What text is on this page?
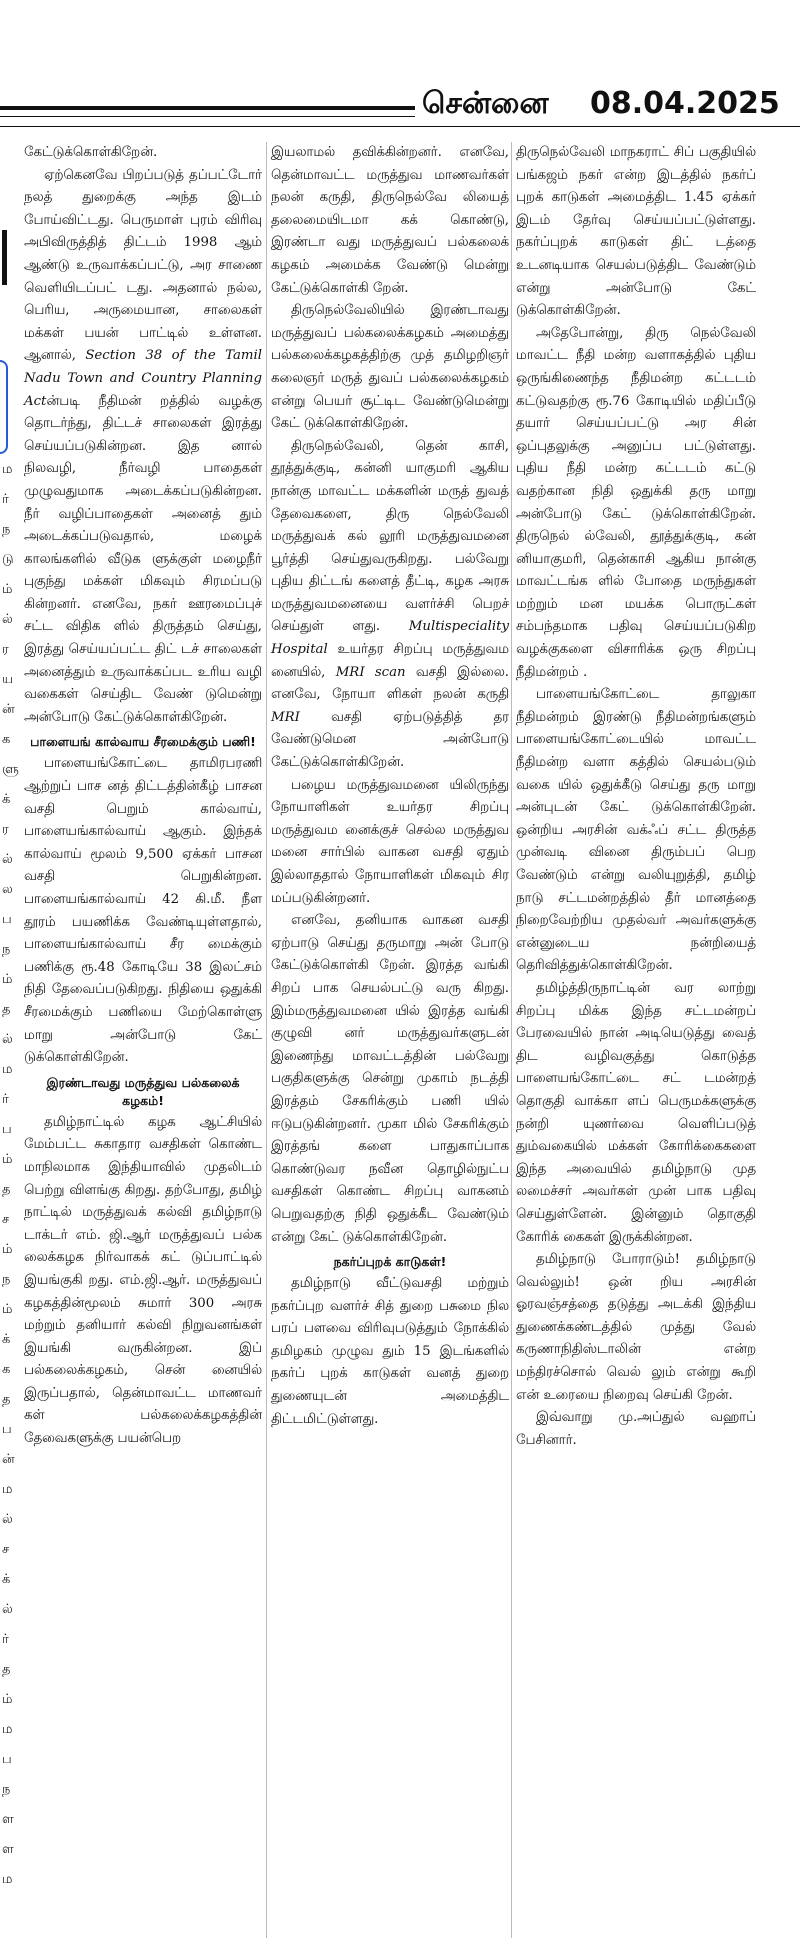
சென்னை 08.04.2025
ம
ர்
ந
டு
ம்
ல்
ர
ய
ன்
க
ளு
க்
ர
ல்
ல
ப
ந
ம்
த
ல்
ம
ர்
ப
ம்
த
ச
ம்
ந
ம்
க்
க
த
ப
ன்
ம
ல்
ச
க்
ல்
ர்
த
ம்
ம
ப
ந
ள
ள
ம

கேட்டுக்கொள்கிறேன்.

ஏற்கெனவே பிறப்படுத் தப்பட்டோர் நலத் துறைக்கு அந்த இடம் போய்விட்டது. பெருமாள் புரம் விரிவு அபிவிருத்தித் திட்டம் 1998 ஆம் ஆண்டு உருவாக்கப்பட்டு, அர சாணை வெளியிடப்பட் டது. அதனால் நல்ல, பெரிய, அருமையான, சாலைகள் மக்கள் பயன் பாட்டில் உள்ளன. ஆனால், Section 38 of the Tamil Nadu Town and Country Planning Actன்படி நீதிமன் றத்தில் வழக்கு தொடர்ந்து, திட்டச் சாலைகள் இரத்து செய்யப்படுகின்றன. இத னால் நிலவழி, நீர்வழி பாதைகள் முழுவதுமாக அடைக்கப்படுகின்றன. நீர் வழிப்பாதைகள் அனைத் தும் அடைக்கப்படுவதால், மழைக் காலங்களில் வீடுக ளுக்குள் மழைநீர் புகுந்து மக்கள் மிகவும் சிரமப்படு கின்றனர். எனவே, நகர் ஊரமைப்புச் சட்ட விதிக ளில் திருத்தம் செய்து, இரத்து செய்யப்பட்ட திட் டச் சாலைகள் அனைத்தும் உருவாக்கப்பட உரிய வழி வகைகள் செய்திட வேண் டுமென்று அன்போடு கேட்டுக்கொள்கிறேன்.

பாளையங் கால்வாய சீரமைக்கும் பணி!

பாளையங்கோட்டை தாமிரபரணி ஆற்றுப் பாச னத் திட்டத்தின்கீழ் பாசன வசதி பெறும் கால்வாய், பாளையங்கால்வாய் ஆகும். இந்தக் கால்வாய் மூலம் 9,500 ஏக்கர் பாசன வசதி பெறுகின்றன. பாளையங்கால்வாய் 42 கி.மீ. நீள தூரம் பயணிக்க வேண்டியுள்ளதால், பாளையங்கால்வாய் சீர மைக்கும் பணிக்கு ரூ.48 கோடியே 38 இலட்சம் நிதி தேவைப்படுகிறது. நிதியை ஒதுக்கி சீரமைக்கும் பணியை மேற்கொள்ளு மாறு அன்போடு கேட் டுக்கொள்கிறேன்.

இரண்டாவது மருத்துவ பல்கலைக் கழகம்!

தமிழ்நாட்டில் கழக ஆட்சியில் மேம்பட்ட சுகாதார வசதிகள் கொண்ட மாநிலமாக இந்தியாவில் முதலிடம் பெற்று விளங்கு கிறது. தற்போது, தமிழ் நாட்டில் மருத்துவக் கல்வி தமிழ்நாடு டாக்டர் எம். ஜி.ஆர் மருத்துவப் பல்க லைக்கழக நிர்வாகக் கட் டுப்பாட்டில் இயங்குகி றது. எம்.ஜி.ஆர். மருத்துவப் கழகத்தின்மூலம் சுமார் 300 அரசு மற்றும் தனியார் கல்வி நிறுவனங்கள் இயங்கி வருகின்றன. இப் பல்கலைக்கழகம், சென் னையில் இருப்பதால், தென்மாவட்ட மாணவர் கள் பல்கலைக்கழகத்தின் தேவைகளுக்கு பயன்பெற

இயலாமல் தவிக்கின்றனர். எனவே, தென்மாவட்ட மருத்துவ மாணவர்கள் நலன் கருதி, திருநெல்வே லியைத் தலைமையிடமா கக் கொண்டு, இரண்டா வது மருத்துவப் பல்கலைக் கழகம் அமைக்க வேண்டு மென்று கேட்டுக்கொள்கி றேன்.

திருநெல்வேலியில் இரண்டாவது மருத்துவப் பல்கலைக்கழகம் அமைத்து பல்கலைக்கழகத்திற்கு முத் தமிழறிஞர் கலைஞர் மருத் துவப் பல்கலைக்கழகம் என்று பெயர் சூட்டிட வேண்டுமென்று கேட் டுக்கொள்கிறேன்.

திருநெல்வேலி, தென் காசி, தூத்துக்குடி, கன்னி யாகுமரி ஆகிய நான்கு மாவட்ட மக்களின் மருத் துவத் தேவைகளை, திரு நெல்வேலி மருத்துவக் கல் லூரி மருத்துவமனை பூர்த்தி செய்துவருகிறது. பல்வேறு புதிய திட்டங் களைத் தீட்டி, கழக அரசு மருத்துவமனையை வளர்ச்சி பெறச் செய்துள் ளது. Multispeciality Hospital உயர்தர சிறப்பு மருத்துவம னையில், MRI scan வசதி இல்லை. எனவே, நோயா ளிகள் நலன் கருதி MRI வசதி ஏற்படுத்தித் தர வேண்டுமென அன்போடு கேட்டுக்கொள்கிறேன்.

பழைய மருத்துவமனை யிலிருந்து நோயாளிகள் உயர்தர சிறப்பு மருத்துவம னைக்குச் செல்ல மருத்துவ மனை சார்பில் வாகன வசதி ஏதும் இல்லாததால் நோயாளிகள் மிகவும் சிர மப்படுகின்றனர்.

எனவே, தனியாக வாகன வசதி ஏற்பாடு செய்து தருமாறு அன் போடு கேட்டுக்கொள்கி றேன். இரத்த வங்கி சிறப் பாக செயல்பட்டு வரு கிறது. இம்மருத்துவமனை யில் இரத்த வங்கி குழுவி னர் மருத்துவர்களுடன் இணைந்து மாவட்டத்தின் பல்வேறு பகுதிகளுக்கு சென்று முகாம் நடத்தி இரத்தம் சேகரிக்கும் பணி யில் ஈடுபடுகின்றனர். முகா மில் சேகரிக்கும் இரத்தங் களை பாதுகாப்பாக கொண்டுவர நவீன தொழில்நுட்ப வசதிகள் கொண்ட சிறப்பு வாகனம் பெறுவதற்கு நிதி ஒதுக்கீட வேண்டும் என்று கேட் டுக்கொள்கிறேன்.

நகர்ப்புறக் காடுகள்!

தமிழ்நாடு வீட்டுவசதி மற்றும் நகர்ப்புற வளர்ச் சித் துறை பசுமை நில பரப் பளவை விரிவுபடுத்தும் நோக்கில் தமிழகம் முழுவ தும் 15 இடங்களில் நகர்ப் புறக் காடுகள் வனத் துறை துணையுடன் அமைத்திட திட்டமிட்டுள்ளது.

திருநெல்வேலி மாநகராட் சிப் பகுதியில் பங்கஜம் நகர் என்ற இடத்தில் நகர்ப் புறக் காடுகள் அமைத்திட 1.45 ஏக்கர் இடம் தேர்வு செய்யப்பட்டுள்ளது. நகர்ப்புறக் காடுகள் திட் டத்தை உடனடியாக செயல்படுத்திட வேண்டும் என்று அன்போடு கேட் டுக்கொள்கிறேன்.

அதேபோன்று, திரு நெல்வேலி மாவட்ட நீதி மன்ற வளாகத்தில் புதிய ஒருங்கிணைந்த நீதிமன்ற கட்டடம் கட்டுவதற்கு ரூ.76 கோடியில் மதிப்பீடு தயார் செய்யப்பட்டு அர சின் ஒப்புதலுக்கு அனுப்ப பட்டுள்ளது. புதிய நீதி மன்ற கட்டடம் கட்டு வதற்கான நிதி ஒதுக்கி தரு மாறு அன்போடு கேட் டுக்கொள்கிறேன். திருநெல் ல்வேலி, தூத்துக்குடி, கன் னியாகுமரி, தென்காசி ஆகிய நான்கு மாவட்டங்க ளில் போதை மருந்துகள் மற்றும் மன மயக்க பொருட்கள் சம்பந்தமாக பதிவு செய்யப்படுகிற வழக்குகளை விசாரிக்க ஒரு சிறப்பு நீதிமன்றம் .

பாளையங்கோட்டை தாலுகா நீதிமன்றம் இரண்டு நீதிமன்றங்களும் பாளையங்கோட்டையில் மாவட்ட நீதிமன்ற வளா கத்தில் செயல்படும் வகை யில் ஒதுக்கீடு செய்து தரு மாறு அன்புடன் கேட் டுக்கொள்கிறேன். ஒன்றிய அரசின் வக்ஃப் சட்ட திருத்த முன்வடி வினை திரும்பப் பெற வேண்டும் என்று வலியுறுத்தி, தமிழ் நாடு சட்டமன்றத்தில் தீர் மானத்தை நிறைவேற்றிய முதல்வர் அவர்களுக்கு என்னுடைய நன்றியைத் தெரிவித்துக்கொள்கிறேன்.

தமிழ்த்திருநாட்டின் வர லாற்று சிறப்பு மிக்க இந்த சட்டமன்றப் பேரவையில் நான் அடியெடுத்து வைத் திட வழிவகுத்து கொடுத்த பாளையங்கோட்டை சட் டமன்றத் தொகுதி வாக்கா ளப் பெருமக்களுக்கு நன்றி யுணர்வை வெளிப்படுத் தும்வகையில் மக்கள் கோரிக்கைகளை இந்த அவையில் தமிழ்நாடு முத லமைச்சர் அவர்கள் முன் பாக பதிவு செய்துள்ளேன். இன்னும் தொகுதி கோரிக் கைகள் இருக்கின்றன.

தமிழ்நாடு போராடும்! தமிழ்நாடு வெல்லும்! ஒன் றிய அரசின் ஓரவஞ்சத்தை தடுத்து அடக்கி இந்திய துணைக்கண்டத்தில் முத்து வேல் கருணாநிதிஸ்டாலின் என்ற மந்திரச்சொல் வெல் லும் என்று கூறி என் உரையை நிறைவு செய்கி றேன்.

இவ்வாறு மு.அப்துல் வஹாப் பேசினார்.
